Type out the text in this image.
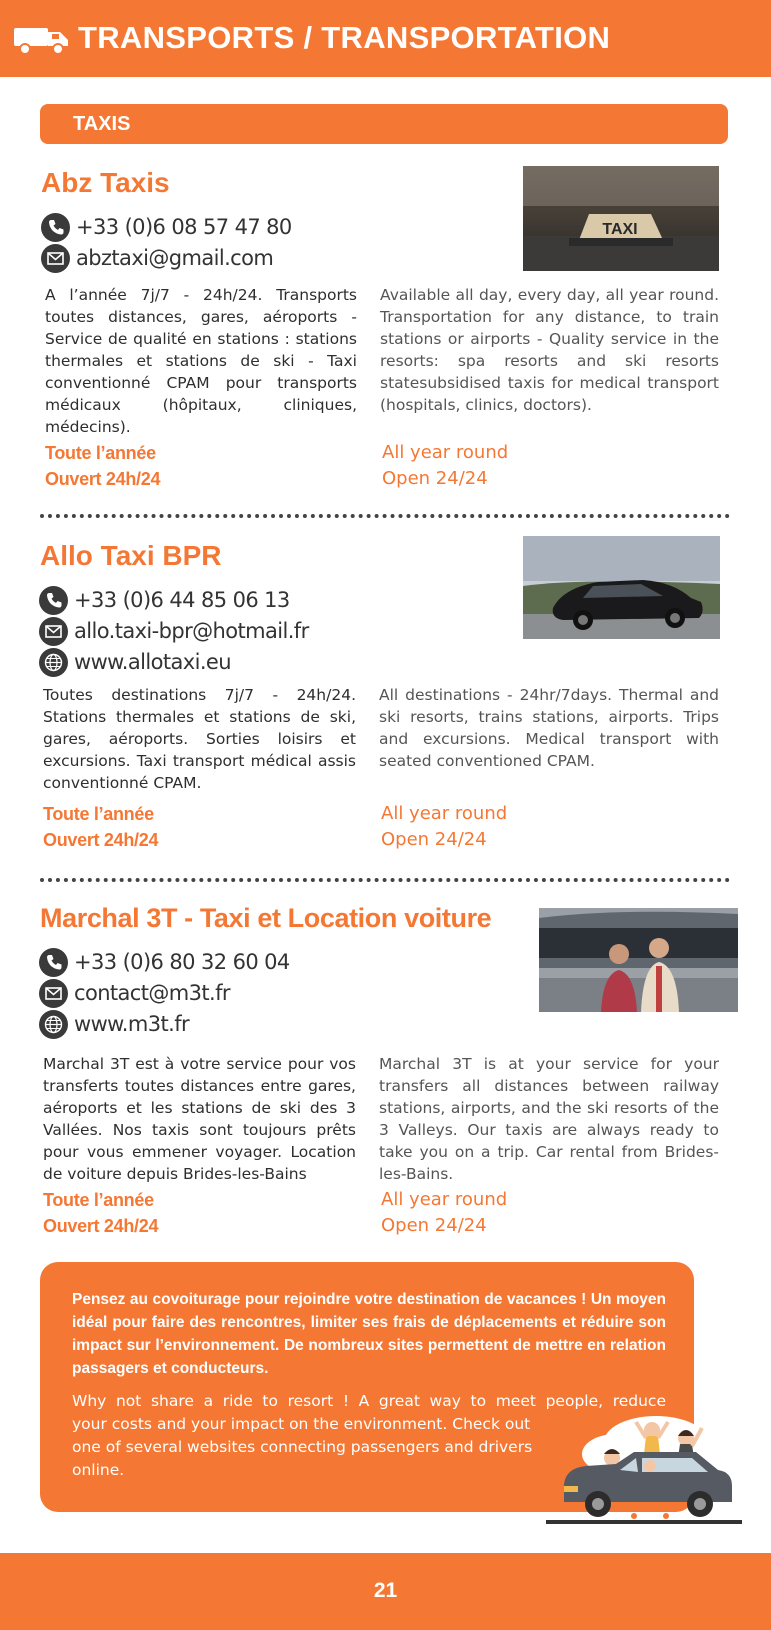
TRANSPORTS / TRANSPORTATION
TAXIS
Abz Taxis
+33 (0)6 08 57 47 80
abztaxi@gmail.com
TAXI
A l’année 7j/7 - 24h/24. Transports toutes distances, gares, aéroports - Service de qualité en stations : stations thermales et stations de ski - Taxi conventionné CPAM pour transports médicaux (hôpitaux, cliniques, médecins).
Available all day, every day, all year round. Transportation for any distance, to train stations or airports - Quality service in the resorts: spa resorts and ski resorts statesubsidised taxis for medical transport (hospitals, clinics, doctors).
Toute l’année
Ouvert 24h/24
All year round
Open 24/24
Allo Taxi BPR
+33 (0)6 44 85 06 13
allo.taxi-bpr@hotmail.fr
www.allotaxi.eu
Toutes destinations 7j/7 - 24h/24. Stations thermales et stations de ski, gares, aéroports. Sorties loisirs et excursions. Taxi transport médical assis conventionné CPAM.
All destinations - 24hr/7days. Thermal and ski resorts, trains stations, airports. Trips and excursions. Medical transport with seated conventioned CPAM.
Toute l’année
Ouvert 24h/24
All year round
Open 24/24
Marchal 3T - Taxi et Location voiture
+33 (0)6 80 32 60 04
contact@m3t.fr
www.m3t.fr
Marchal 3T est à votre service pour vos transferts toutes distances entre gares, aéroports et les stations de ski des 3 Vallées. Nos taxis sont toujours prêts pour vous emmener voyager. Location de voiture depuis Brides-les-Bains
Marchal 3T is at your service for your transfers all distances between railway stations, airports, and the ski resorts of the 3 Valleys. Our taxis are always ready to take you on a trip. Car rental from Brides-les-Bains.
Toute l’année
Ouvert 24h/24
All year round
Open 24/24
Pensez au covoiturage pour rejoindre votre destination de vacances ! Un moyen idéal pour faire des rencontres, limiter ses frais de déplacements et réduire son impact sur l’environnement. De nombreux sites permettent de mettre en relation passagers et conducteurs.
Why not share a ride to resort ! A great way to meet people, reduce
your costs and your impact on the environment. Check out
one of several websites connecting passengers and drivers
online.
21
